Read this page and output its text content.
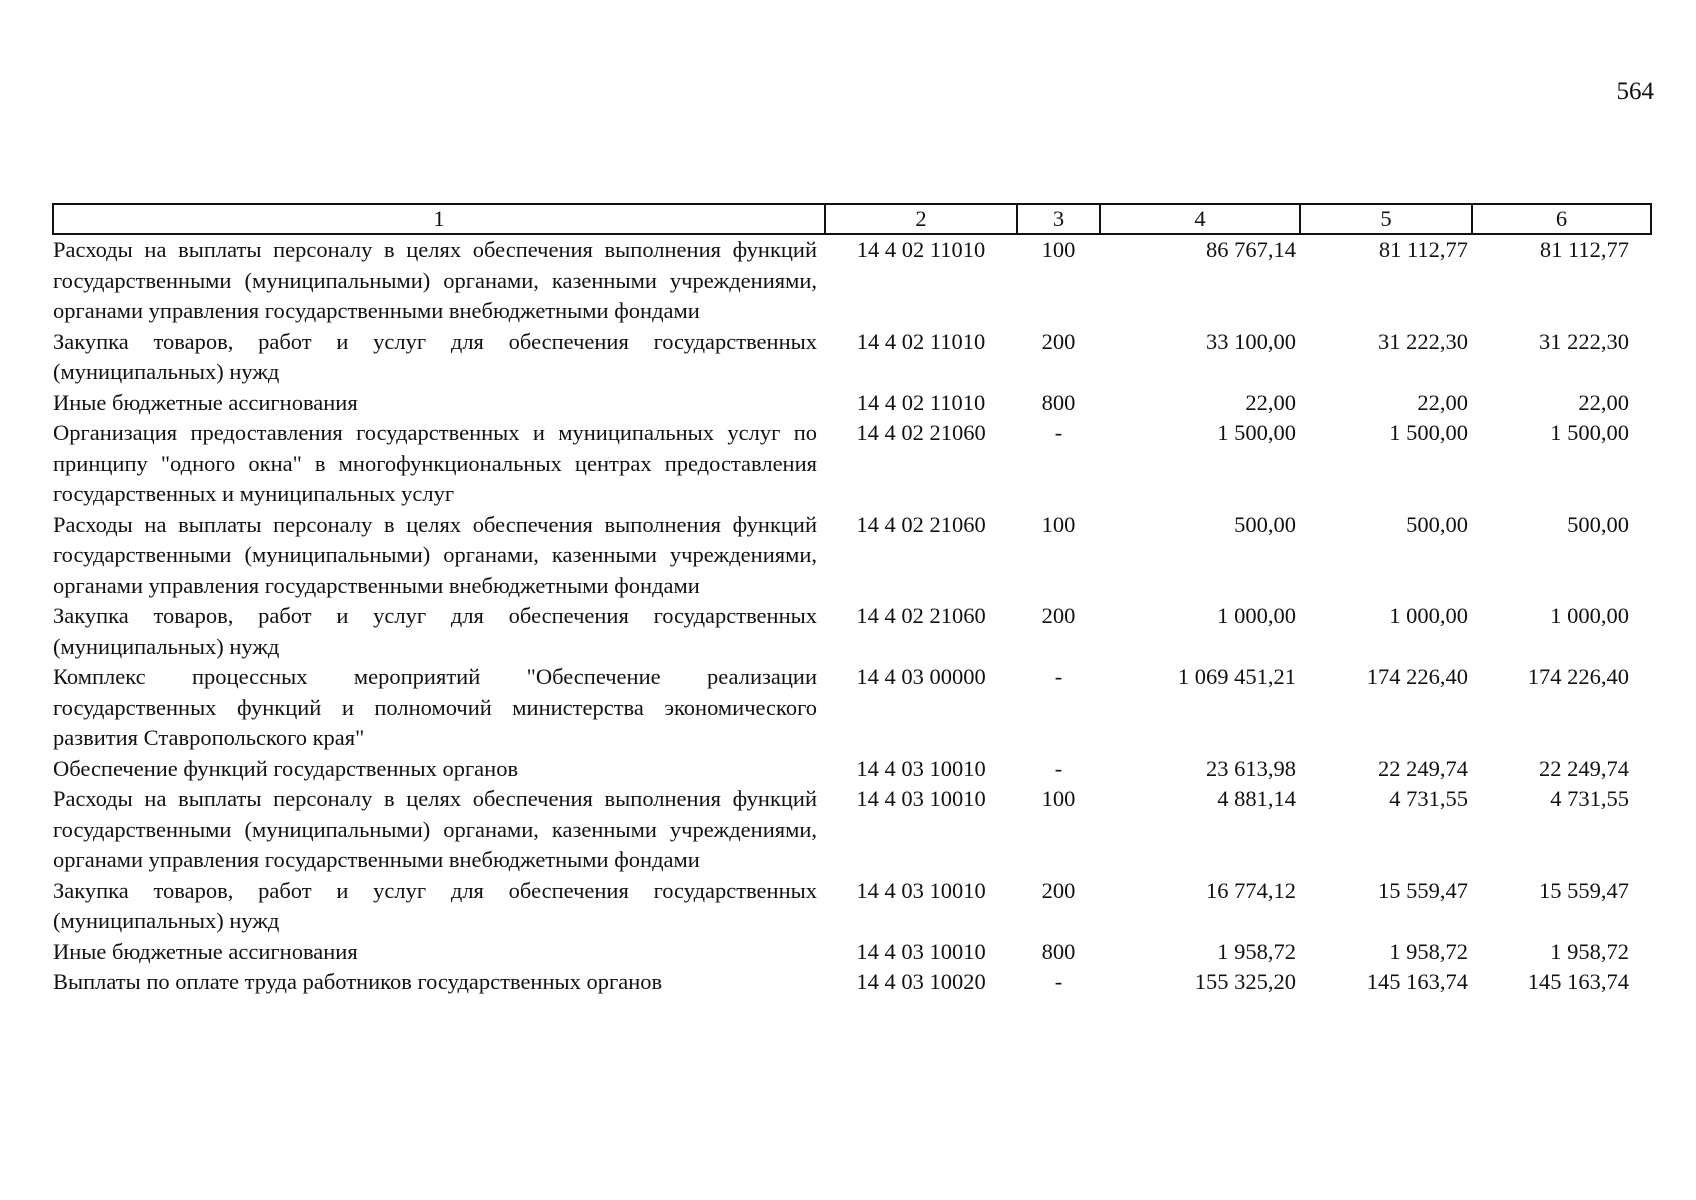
564
1	2	3	4	5	6
Расходы на выплаты персоналу в целях обеспечения выполнения функций государственными (муниципальными) органами, казенными учреждениями, органами управления государственными внебюджетными фондами	14 4 02 11010	100	86 767,14	81 112,77	81 112,77
Закупка товаров, работ и услуг для обеспечения государственных (муниципальных) нужд	14 4 02 11010	200	33 100,00	31 222,30	31 222,30
Иные бюджетные ассигнования	14 4 02 11010	800	22,00	22,00	22,00
Организация предоставления государственных и муниципальных услуг по принципу "одного окна" в многофункциональных центрах предоставления государственных и муниципальных услуг	14 4 02 21060	-	1 500,00	1 500,00	1 500,00
Расходы на выплаты персоналу в целях обеспечения выполнения функций государственными (муниципальными) органами, казенными учреждениями, органами управления государственными внебюджетными фондами	14 4 02 21060	100	500,00	500,00	500,00
Закупка товаров, работ и услуг для обеспечения государственных (муниципальных) нужд	14 4 02 21060	200	1 000,00	1 000,00	1 000,00
Комплекс процессных мероприятий "Обеспечение реализации государственных функций и полномочий министерства экономического развития Ставропольского края"	14 4 03 00000	-	1 069 451,21	174 226,40	174 226,40
Обеспечение функций государственных органов	14 4 03 10010	-	23 613,98	22 249,74	22 249,74
Расходы на выплаты персоналу в целях обеспечения выполнения функций государственными (муниципальными) органами, казенными учреждениями, органами управления государственными внебюджетными фондами	14 4 03 10010	100	4 881,14	4 731,55	4 731,55
Закупка товаров, работ и услуг для обеспечения государственных (муниципальных) нужд	14 4 03 10010	200	16 774,12	15 559,47	15 559,47
Иные бюджетные ассигнования	14 4 03 10010	800	1 958,72	1 958,72	1 958,72
Выплаты по оплате труда работников государственных органов	14 4 03 10020	-	155 325,20	145 163,74	145 163,74
